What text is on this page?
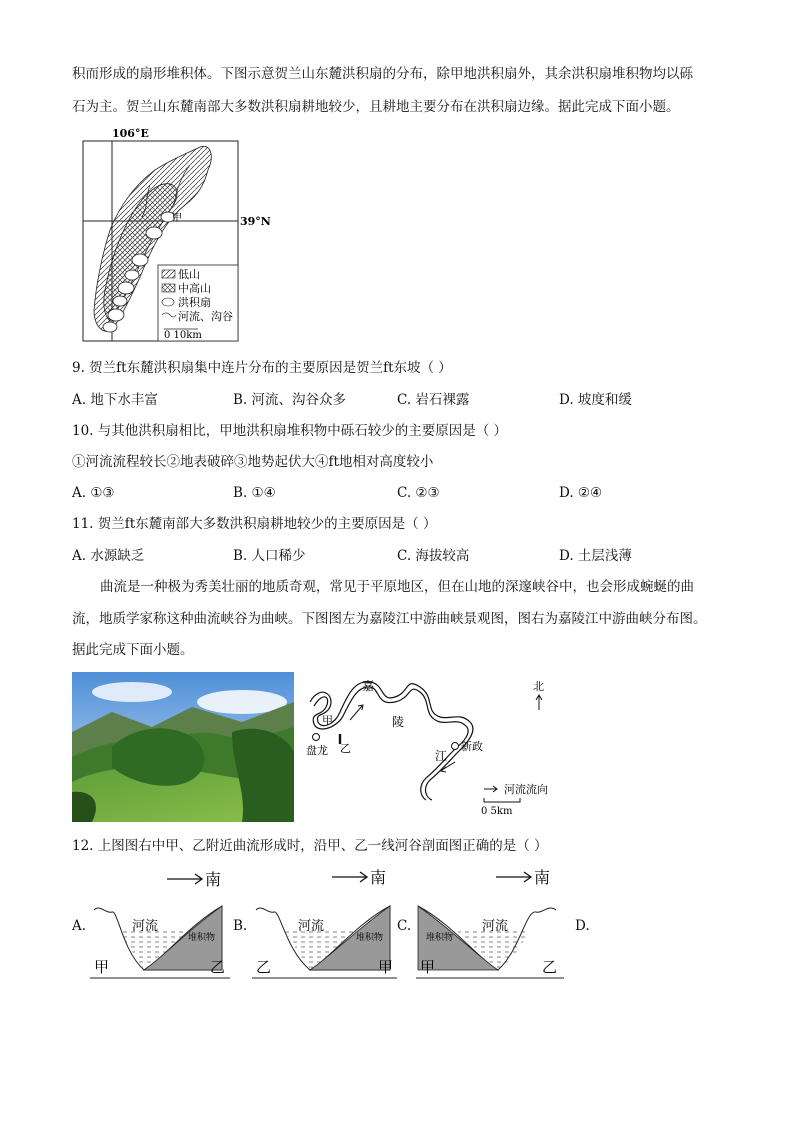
积而形成的扇形堆积体。下图示意贺兰山东麓洪积扇的分布，除甲地洪积扇外，其余洪积扇堆积物均以砾
石为主。贺兰山东麓南部大多数洪积扇耕地较少，且耕地主要分布在洪积扇边缘。据此完成下面小题。
106°E
39°N
甲
低山
中高山
洪积扇
河流、沟谷
0 10km
9. 贺兰ft东麓洪积扇集中连片分布的主要原因是贺兰ft东坡（ ）
A. 地下水丰富	B. 河流、沟谷众多	C. 岩石裸露	D. 坡度和缓
10. 与其他洪积扇相比，甲地洪积扇堆积物中砾石较少的主要原因是（ ）
①河流流程较长②地表破碎③地势起伏大④ft地相对高度较小
A. ①③	B. ①④	C. ②③	D. ②④
11. 贺兰ft东麓南部大多数洪积扇耕地较少的主要原因是（ ）
A. 水源缺乏	B. 人口稀少	C. 海拔较高	D. 土层浅薄
曲流是一种极为秀美壮丽的地质奇观，常见于平原地区，但在山地的深邃峡谷中，也会形成蜿蜒的曲
流，地质学家称这种曲流峡谷为曲峡。下图图左为嘉陵江中游曲峡景观图，图右为嘉陵江中游曲峡分布图。
据此完成下面小题。
嘉
陵
江
甲
乙
盘龙	新政
北
河流流向
0 5km
12. 上图图右中甲、乙附近曲流形成时，沿甲、乙一线河谷剖面图正确的是（ ）
南	南	南
A.	B.	C.	D.
河流
堆积物
甲	乙
河流
堆积物
乙	甲
河流
堆积物
甲	乙
